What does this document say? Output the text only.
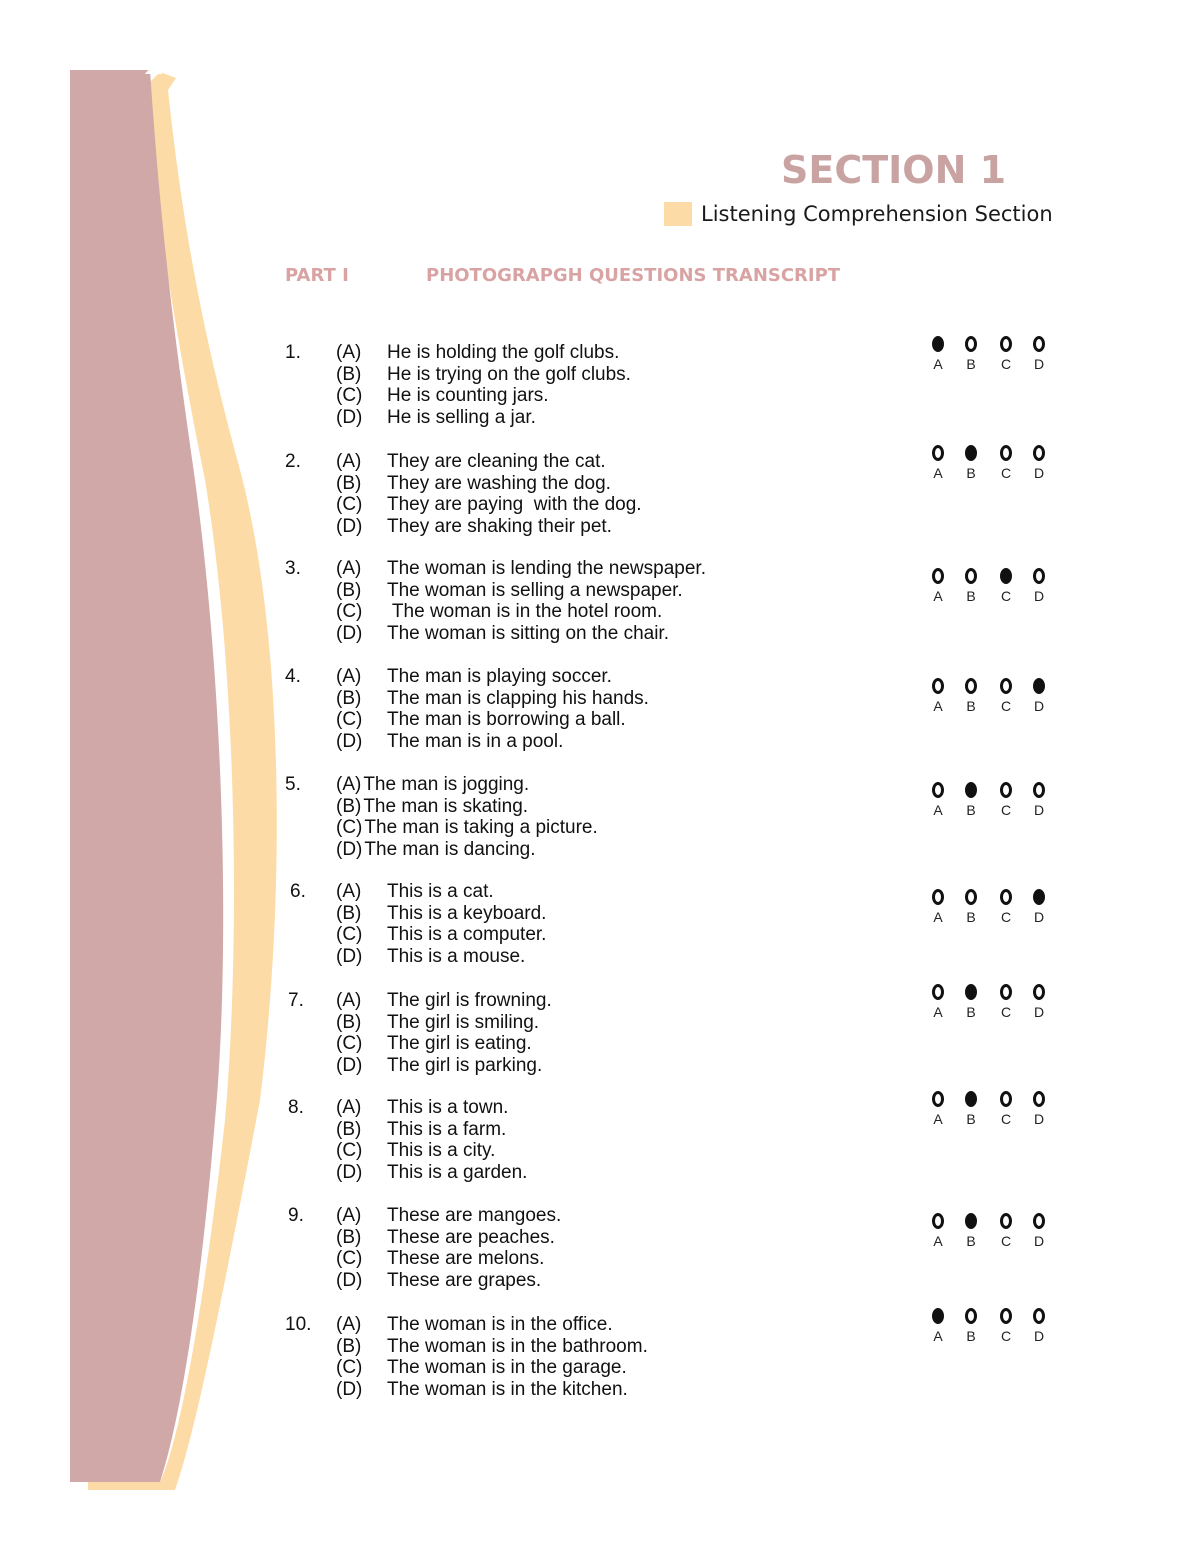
SECTION 1
Listening Comprehension Section
PART I	PHOTOGRAPGH QUESTIONS TRANSCRIPT
1. (A)	He is holding the golf clubs.
(B)	He is trying on the golf clubs.
(C)	He is counting jars.
(D)	He is selling a jar.
A	B	C	D
2. (A)	They are cleaning the cat.
(B)	They are washing the dog.
(C)	They are paying  with the dog.
(D)	They are shaking their pet.
A	B	C	D
3. (A)	The woman is lending the newspaper.
(B)	The woman is selling a newspaper.
(C)	The woman is in the hotel room.
(D)	The woman is sitting on the chair.
A	B	C	D
4. (A)	The man is playing soccer.
(B)	The man is clapping his hands.
(C)	The man is borrowing a ball.
(D)	The man is in a pool.
A	B	C	D
5. (A) The man is jogging.
(B) The man is skating.
(C) The man is taking a picture.
(D) The man is dancing.
A	B	C	D
6. (A)	This is a cat.
(B)	This is a keyboard.
(C)	This is a computer.
(D)	This is a mouse.
A	B	C	D
7. (A)	The girl is frowning.
(B)	The girl is smiling.
(C)	The girl is eating.
(D)	The girl is parking.
A	B	C	D
8. (A)	This is a town.
(B)	This is a farm.
(C)	This is a city.
(D)	This is a garden.
A	B	C	D
9. (A)	These are mangoes.
(B)	These are peaches.
(C)	These are melons.
(D)	These are grapes.
A	B	C	D
10. (A)	The woman is in the office.
(B)	The woman is in the bathroom.
(C)	The woman is in the garage.
(D)	The woman is in the kitchen.
A	B	C	D
